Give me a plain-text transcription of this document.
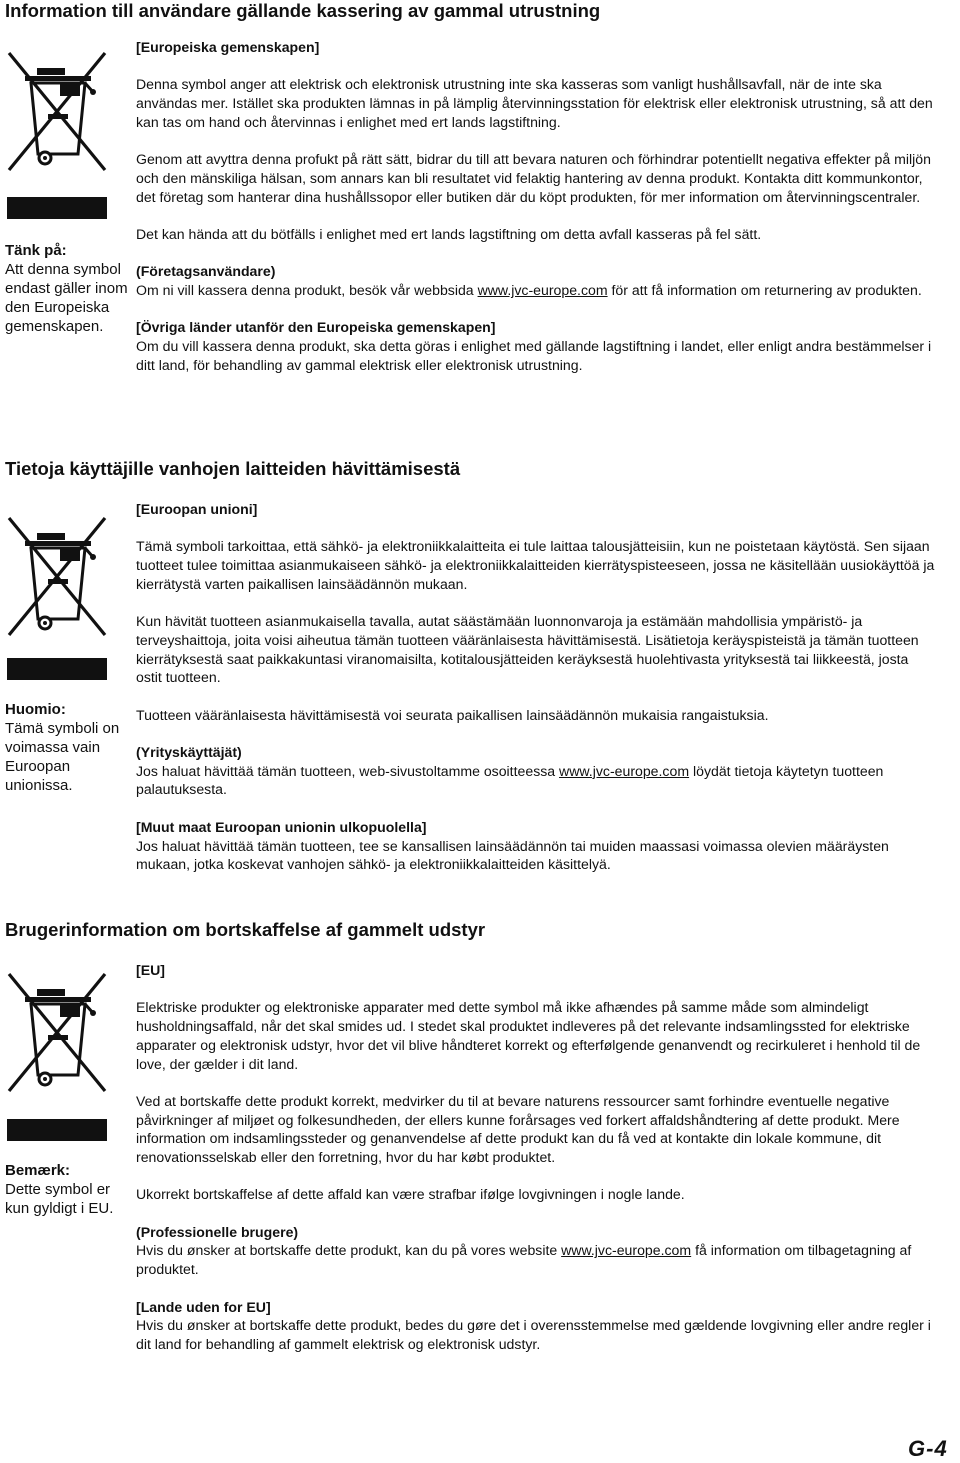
Information till användare gällande kassering av gammal utrustning
Tänk på:
Att denna symbol endast gäller inom den Europeiska gemenskapen.

[Europeiska gemenskapen]

Denna symbol anger att elektrisk och elektronisk utrustning inte ska kasseras som vanligt hushållsavfall, när de inte ska användas mer. Istället ska produkten lämnas in på lämplig återvinningsstation för elektrisk eller elektronisk utrustning, så att den kan tas om hand och återvinnas i enlighet med ert lands lagstiftning.

Genom att avyttra denna profukt på rätt sätt, bidrar du till att bevara naturen och förhindrar potentiellt negativa effekter på miljön och den mänskiliga hälsan, som annars kan bli resultatet vid felaktig hantering av denna produkt. Kontakta ditt kommunkontor, det företag som hanterar dina hushållssopor eller butiken där du köpt produkten, för mer information om återvinningscentraler.

Det kan hända att du bötfälls i enlighet med ert lands lagstiftning om detta avfall kasseras på fel sätt.

(Företagsanvändare)

Om ni vill kassera denna produkt, besök vår webbsida www.jvc-europe.com för att få information om returnering av produkten.

[Övriga länder utanför den Europeiska gemenskapen]

Om du vill kassera denna produkt, ska detta göras i enlighet med gällande lagstiftning i landet, eller enligt andra bestämmelser i ditt land, för behandling av gammal elektrisk eller elektronisk utrustning.

Tietoja käyttäjille vanhojen laitteiden hävittämisestä
Huomio:
Tämä symboli on voimassa vain Euroopan unionissa.

[Euroopan unioni]

Tämä symboli tarkoittaa, että sähkö- ja elektroniikkalaitteita ei tule laittaa talousjätteisiin, kun ne poistetaan käytöstä. Sen sijaan tuotteet tulee toimittaa asianmukaiseen sähkö- ja elektroniikkalaitteiden kierrätyspisteeseen, jossa ne käsitellään uusiokäyttöä ja kierrätystä varten paikallisen lainsäädännön mukaan.

Kun hävität tuotteen asianmukaisella tavalla, autat säästämään luonnonvaroja ja estämään mahdollisia ympäristö- ja terveyshaittoja, joita voisi aiheutua tämän tuotteen vääränlaisesta hävittämisestä. Lisätietoja keräyspisteistä ja tämän tuotteen kierrätyksestä saat paikkakuntasi viranomaisilta, kotitalousjätteiden keräyksestä huolehtivasta yrityksestä tai liikkeestä, josta ostit tuotteen.

Tuotteen vääränlaisesta hävittämisestä voi seurata paikallisen lainsäädännön mukaisia rangaistuksia.

(Yrityskäyttäjät)

Jos haluat hävittää tämän tuotteen, web-sivustoltamme osoitteessa www.jvc-europe.com löydät tietoja käytetyn tuotteen palautuksesta.

[Muut maat Euroopan unionin ulkopuolella]

Jos haluat hävittää tämän tuotteen, tee se kansallisen lainsäädännön tai muiden maassasi voimassa olevien määräysten mukaan, jotka koskevat vanhojen sähkö- ja elektroniikkalaitteiden käsittelyä.

Brugerinformation om bortskaffelse af gammelt udstyr
Bemærk:
Dette symbol er kun gyldigt i EU.

[EU]

Elektriske produkter og elektroniske apparater med dette symbol må ikke afhændes på samme måde som almindeligt husholdningsaffald, når det skal smides ud. I stedet skal produktet indleveres på det relevante indsamlingssted for elektriske apparater og elektronisk udstyr, hvor det vil blive håndteret korrekt og efterfølgende genanvendt og recirkuleret i henhold til de love, der gælder i dit land.

Ved at bortskaffe dette produkt korrekt, medvirker du til at bevare naturens ressourcer samt forhindre eventuelle negative påvirkninger af miljøet og folkesundheden, der ellers kunne forårsages ved forkert affaldshåndtering af dette produkt. Mere information om indsamlingssteder og genanvendelse af dette produkt kan du få ved at kontakte din lokale kommune, dit renovationsselskab eller den forretning, hvor du har købt produktet.

Ukorrekt bortskaffelse af dette affald kan være strafbar ifølge lovgivningen i nogle lande.

(Professionelle brugere)

Hvis du ønsker at bortskaffe dette produkt, kan du på vores website www.jvc-europe.com få information om tilbagetagning af produktet.

[Lande uden for EU]

Hvis du ønsker at bortskaffe dette produkt, bedes du gøre det i overensstemmelse med gældende lovgivning eller andre regler i dit land for behandling af gammelt elektrisk og elektronisk udstyr.

G-4
